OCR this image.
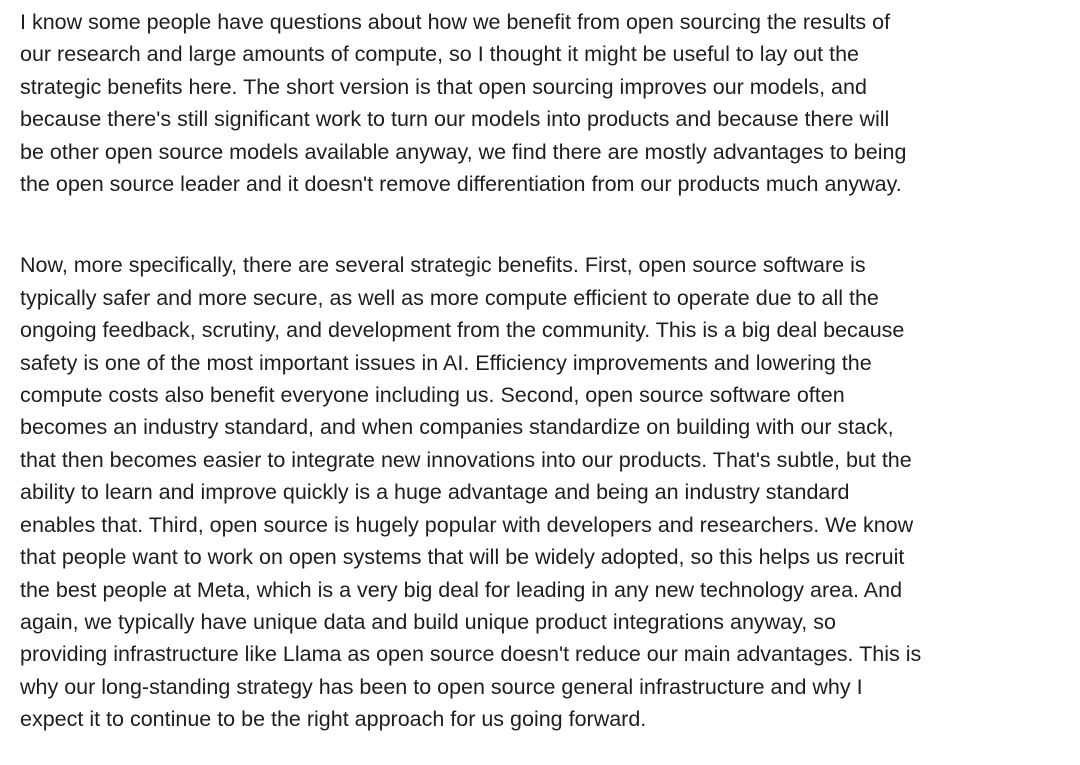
I know some people have questions about how we benefit from open sourcing the results of
our research and large amounts of compute, so I thought it might be useful to lay out the
strategic benefits here. The short version is that open sourcing improves our models, and
because there's still significant work to turn our models into products and because there will
be other open source models available anyway, we find there are mostly advantages to being
the open source leader and it doesn't remove differentiation from our products much anyway.

Now, more specifically, there are several strategic benefits. First, open source software is
typically safer and more secure, as well as more compute efficient to operate due to all the
ongoing feedback, scrutiny, and development from the community. This is a big deal because
safety is one of the most important issues in AI. Efficiency improvements and lowering the
compute costs also benefit everyone including us. Second, open source software often
becomes an industry standard, and when companies standardize on building with our stack,
that then becomes easier to integrate new innovations into our products. That's subtle, but the
ability to learn and improve quickly is a huge advantage and being an industry standard
enables that. Third, open source is hugely popular with developers and researchers. We know
that people want to work on open systems that will be widely adopted, so this helps us recruit
the best people at Meta, which is a very big deal for leading in any new technology area. And
again, we typically have unique data and build unique product integrations anyway, so
providing infrastructure like Llama as open source doesn't reduce our main advantages. This is
why our long-standing strategy has been to open source general infrastructure and why I
expect it to continue to be the right approach for us going forward.
